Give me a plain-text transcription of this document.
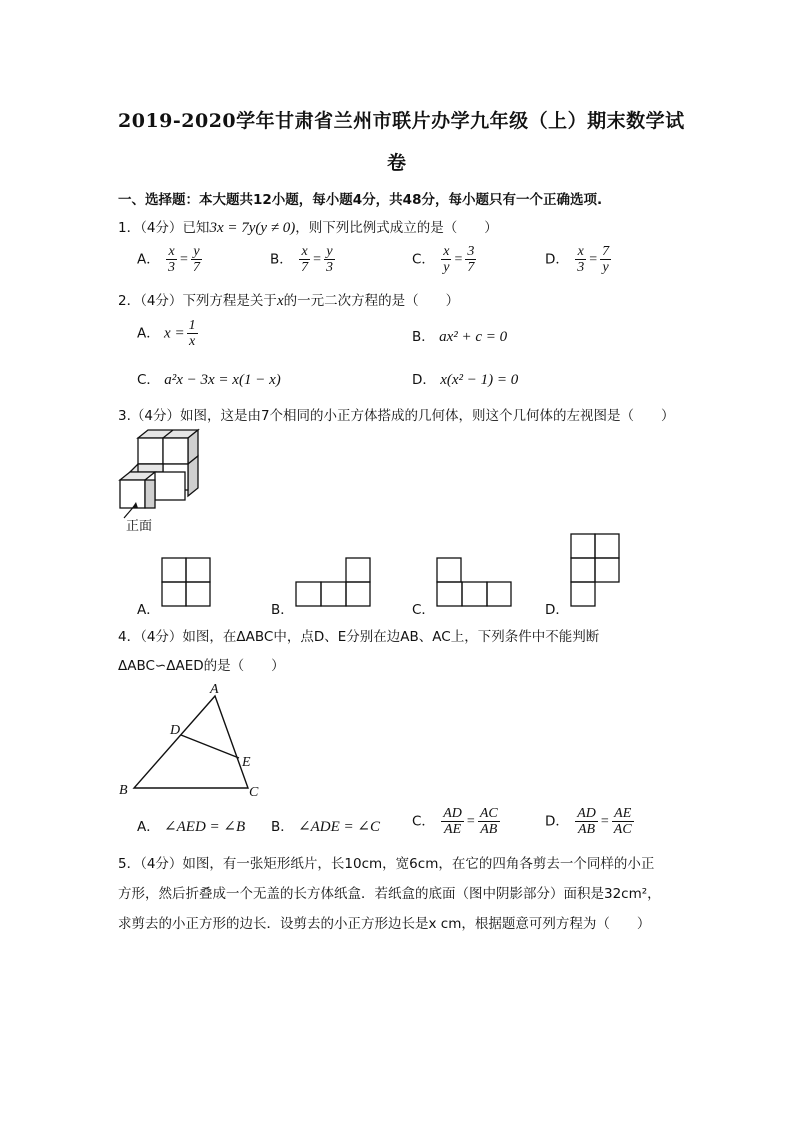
2019-2020学年甘肃省兰州市联片办学九年级（上）期末数学试
卷
一、选择题：本大题共12小题，每小题4分，共48分，每小题只有一个正确选项.
1．（4分）已知3x = 7y(y ≠ 0)，则下列比例式成立的是（　　）
A． $\frac{x}{3} = \frac{y}{7}$	B． $\frac{x}{7} = \frac{y}{3}$	C． $\frac{x}{y} = \frac{3}{7}$	D． $\frac{x}{3} = \frac{7}{y}$
2．（4分）下列方程是关于x的一元二次方程的是（　　）
A． $x = \frac{1}{x}$	B． ax² + c = 0
C． a²x − 3x = x(1 − x)	D． x(x² − 1) = 0
3.（4分）如图，这是由7个相同的小正方体搭成的几何体，则这个几何体的左视图是（　　）
正面
A．	B．	C．	D．
4．（4分）如图，在ΔABC中，点D、E分别在边AB、AC上，下列条件中不能判断
ΔABC∽ΔAED的是（　　）
A
B	C
D
E
A． ∠AED = ∠B B． ∠ADE = ∠C C． $\frac{AD}{AE} = \frac{AC}{AB}$	D． $\frac{AD}{AB} = \frac{AE}{AC}$
5．（4分）如图，有一张矩形纸片，长10cm，宽6cm，在它的四角各剪去一个同样的小正
方形，然后折叠成一个无盖的长方体纸盒．若纸盒的底面（图中阴影部分）面积是32cm²，
求剪去的小正方形的边长．设剪去的小正方形边长是x cm，根据题意可列方程为（　　）
